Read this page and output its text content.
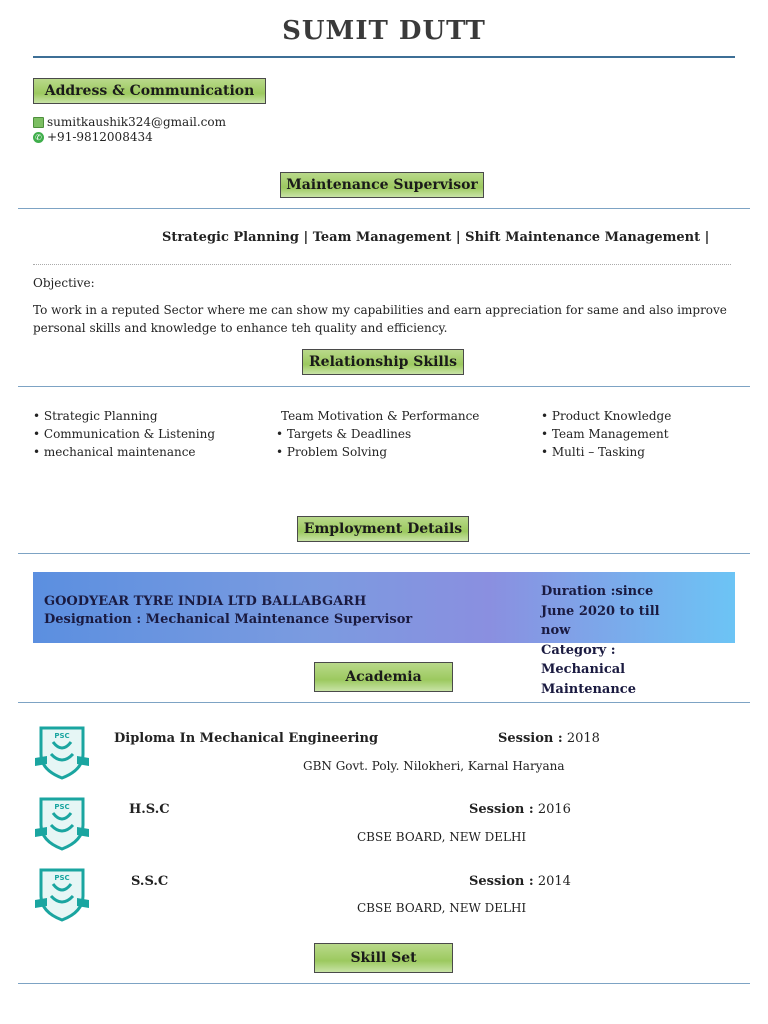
SUMIT DUTT
Address & Communication
sumitkaushik324@gmail.com
✆ +91-9812008434
Maintenance Supervisor
Strategic Planning | Team Management | Shift Maintenance Management |
Objective:
To work in a reputed Sector where me can show my capabilities and earn appreciation for same and also improve
personal skills and knowledge to enhance teh quality and efficiency.
Relationship Skills
• Strategic Planning
• Communication & Listening
• mechanical maintenance
Team Motivation & Performance
• Targets & Deadlines
• Problem Solving
• Product Knowledge
• Team Management
• Multi – Tasking
Employment Details
GOODYEAR TYRE INDIA LTD BALLABGARH
Designation : Mechanical Maintenance Supervisor
Duration :since
June 2020 to till
now
Category :
Mechanical
Maintenance
Academia
PSC	Diploma In Mechanical Engineering	Session : 2018
GBN Govt. Poly. Nilokheri, Karnal Haryana
PSC	H.S.C	Session : 2016
CBSE BOARD, NEW DELHI
PSC	S.S.C	Session : 2014
CBSE BOARD, NEW DELHI
Skill Set
